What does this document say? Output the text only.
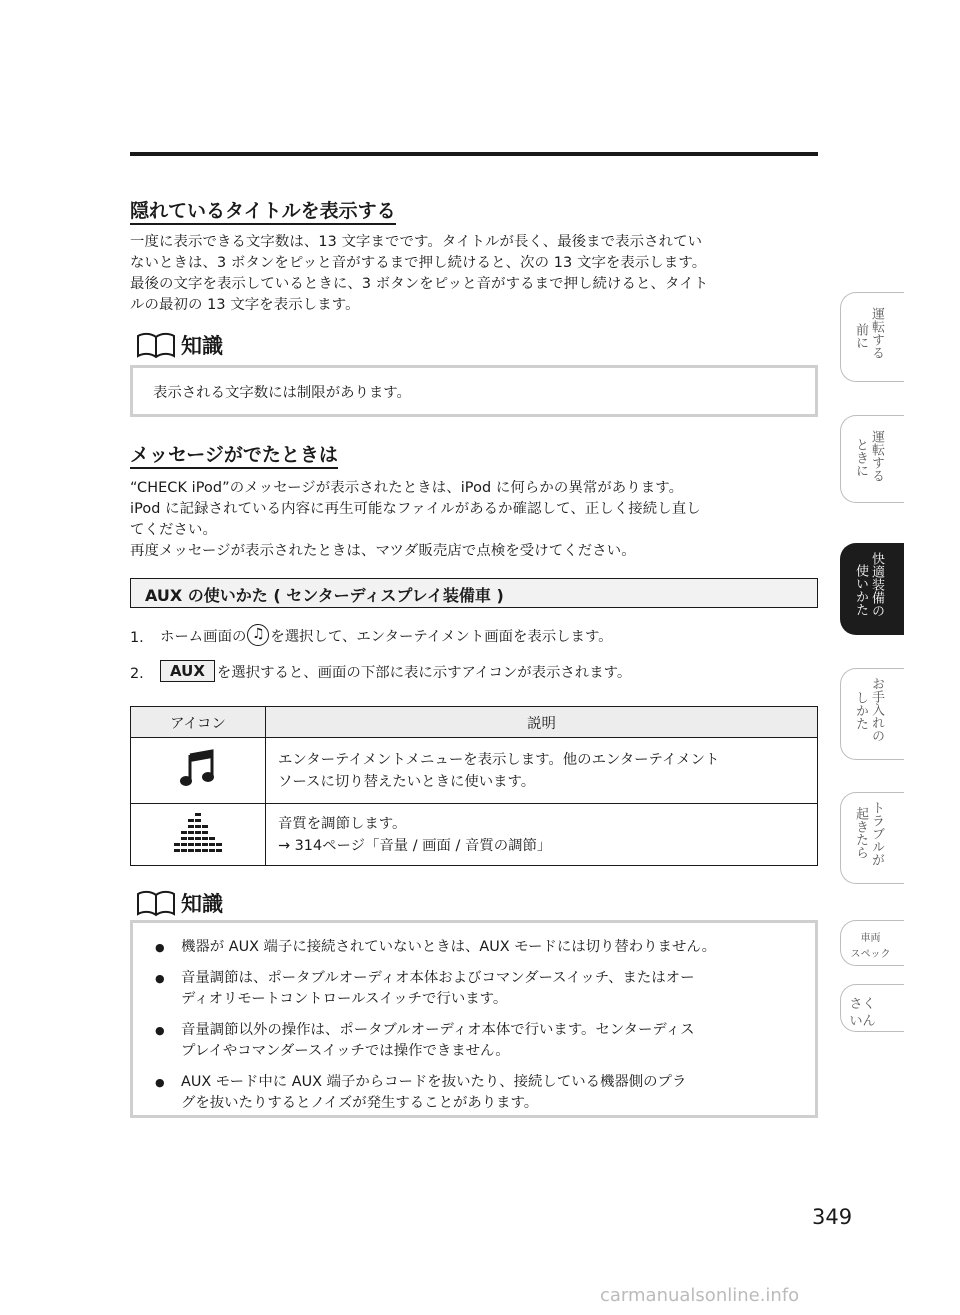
隠れているタイトルを表示する
一度に表示できる文字数は、13 文字までです。タイトルが長く、最後まで表示されてい
ないときは、3 ボタンをピッと音がするまで押し続けると、次の 13 文字を表示します。
最後の文字を表示しているときに、3 ボタンをピッと音がするまで押し続けると、タイト
ルの最初の 13 文字を表示します。
知識
表示される文字数には制限があります。
メッセージがでたときは
“CHECK iPod”のメッセージが表示されたときは、iPod に何らかの異常があります。
iPod に記録されている内容に再生可能なファイルがあるか確認して、正しく接続し直し
てください。
再度メッセージが表示されたときは、マツダ販売店で点検を受けてください。
AUX の使いかた ( センターディスプレイ装備車 )
1.	ホーム画面の ♫ を選択して、エンターテイメント画面を表示します。
2.	AUX を選択すると、画面の下部に表に示すアイコンが表示されます。
アイコン	説明

エンターテイメントメニューを表示します。他のエンターテイメント
ソースに切り替えたいときに使います。

音質を調節します。
→ 314ページ「音量 / 画面 / 音質の調節」
知識
● 機器が AUX 端子に接続されていないときは、AUX モードには切り替わりません。
● 音量調節は、ポータブルオーディオ本体およびコマンダースイッチ、またはオー
ディオリモートコントロールスイッチで行います。
● 音量調節以外の操作は、ポータブルオーディオ本体で行います。センターディス
プレイやコマンダースイッチでは操作できません。
● AUX モード中に AUX 端子からコードを抜いたり、接続している機器側のプラ
グを抜いたりするとノイズが発生することがあります。
運転する
前に
運転する
ときに
快適装備の
使いかた
お手入れの
しかた
トラブルが
起きたら
車両
スペック
さく
いん
349
carmanualsonline.info
